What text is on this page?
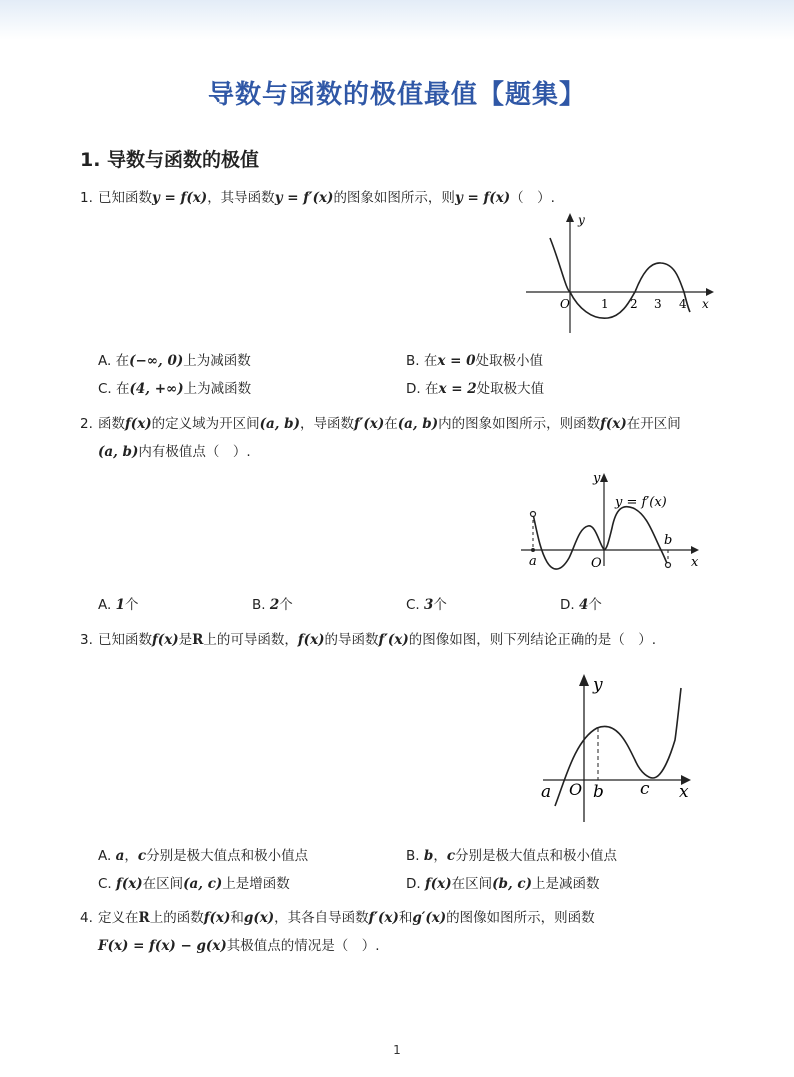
导数与函数的极值最值【题集】
1. 导数与函数的极值
1. 已知函数y = f(x)，其导函数y = f′(x)的图象如图所示，则y = f(x)（　）.
y
x
O	1 2 3 4
A. 在(−∞, 0)上为减函数	B. 在x = 0处取极小值
C. 在(4, +∞)上为减函数	D. 在x = 2处取极大值
2. 函数f(x)的定义域为开区间(a, b)，导函数f′(x)在(a, b)内的图象如图所示，则函数f(x)在开区间
(a, b)内有极值点（　）.
y
x
O
y = f′(x)
a
b
A. 1个	B. 2个	C. 3个	D. 4个
3. 已知函数f(x)是R上的可导函数，f(x)的导函数f′(x)的图像如图，则下列结论正确的是（　）.
y
x
O
a b c
A. a，c分别是极大值点和极小值点	B. b，c分别是极大值点和极小值点
C. f(x)在区间(a, c)上是增函数	D. f(x)在区间(b, c)上是减函数
4. 定义在R上的函数f(x)和g(x)，其各自导函数f′(x)和g′(x)的图像如图所示，则函数
F(x) = f(x) − g(x)其极值点的情况是（　）.
1
